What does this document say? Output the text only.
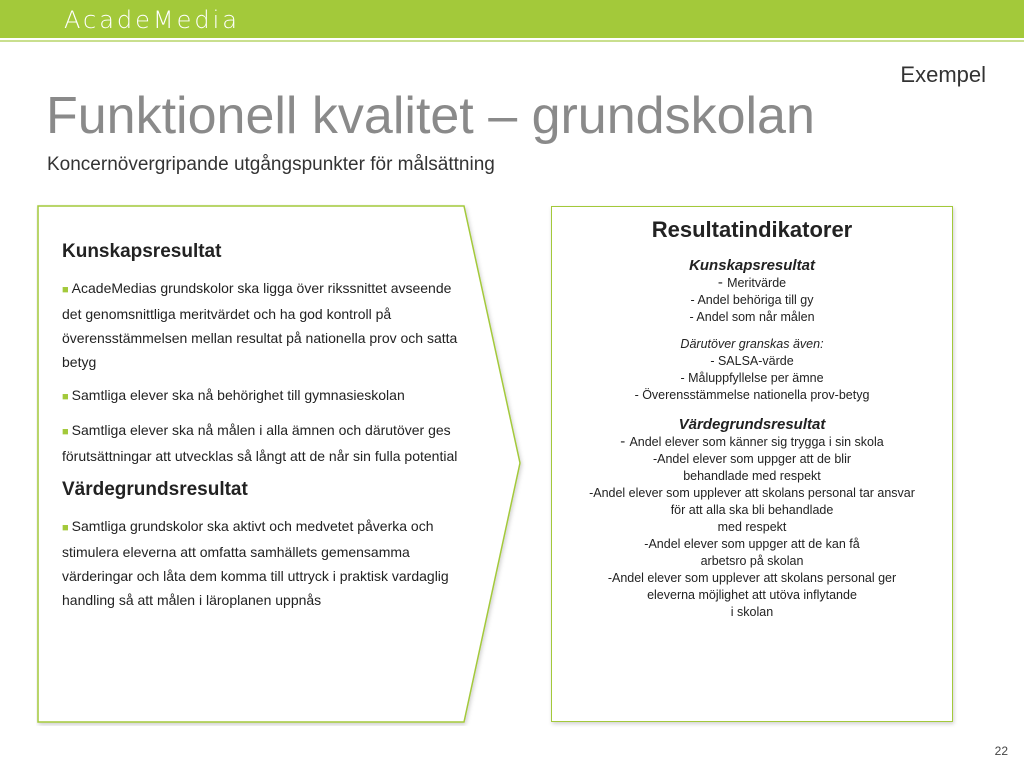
AcadeMedia
Exempel
Funktionell kvalitet – grundskolan
Koncernövergripande utgångspunkter för målsättning
Kunskapsresultat

■ AcadeMedias grundskolor ska ligga över rikssnittet avseende det genomsnittliga meritvärdet och ha god kontroll på överensstämmelsen mellan resultat på nationella prov och satta betyg

■ Samtliga elever ska nå behörighet till gymnasieskolan

■ Samtliga elever ska nå målen i alla ämnen och därutöver ges förutsättningar att utvecklas så långt att de når sin fulla potential

Värdegrundsresultat

■ Samtliga grundskolor ska aktivt och medvetet påverka och stimulera eleverna att omfatta samhällets gemensamma värderingar och låta dem komma till uttryck i praktisk vardaglig handling så att målen i läroplanen uppnås

Resultatindikatorer
Kunskapsresultat
- Meritvärde
- Andel behöriga till gy
- Andel som når målen
Därutöver granskas även:
- SALSA-värde
- Måluppfyllelse per ämne
- Överensstämmelse nationella prov-betyg
Värdegrundsresultat
- Andel elever som känner sig trygga i sin skola
-Andel elever som uppger att de blir
behandlade med respekt
-Andel elever som upplever att skolans personal tar ansvar
för att alla ska bli behandlade
med respekt
-Andel elever som uppger att de kan få
arbetsro på skolan
-Andel elever som upplever att skolans personal ger
eleverna möjlighet att utöva inflytande
i skolan
22
